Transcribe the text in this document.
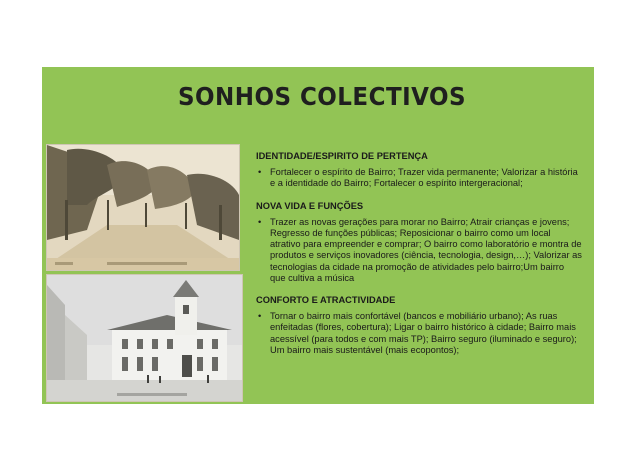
SONHOS COLECTIVOS
IDENTIDADE/ESPIRITO DE PERTENÇA
• Fortalecer o espírito de Bairro; Trazer vida permanente; Valorizar a história e a identidade do Bairro; Fortalecer o espírito intergeracional;
NOVA VIDA E FUNÇÕES
• Trazer as novas gerações para morar no Bairro; Atrair crianças e jovens; Regresso de funções públicas; Reposicionar o bairro como um local atrativo para empreender e comprar; O bairro como laboratório e montra de produtos e serviços inovadores (ciência, tecnologia, design,…); Valorizar as tecnologias da cidade na promoção de atividades pelo bairro;Um bairro que cultiva a música
CONFORTO E ATRACTIVIDADE
• Tornar o bairro mais confortável (bancos e mobiliário urbano); As ruas enfeitadas (flores, cobertura); Ligar o bairro histórico à cidade; Bairro mais acessível (para todos e com mais TP); Bairro seguro (iluminado e seguro); Um bairro mais sustentável (mais ecopontos);
